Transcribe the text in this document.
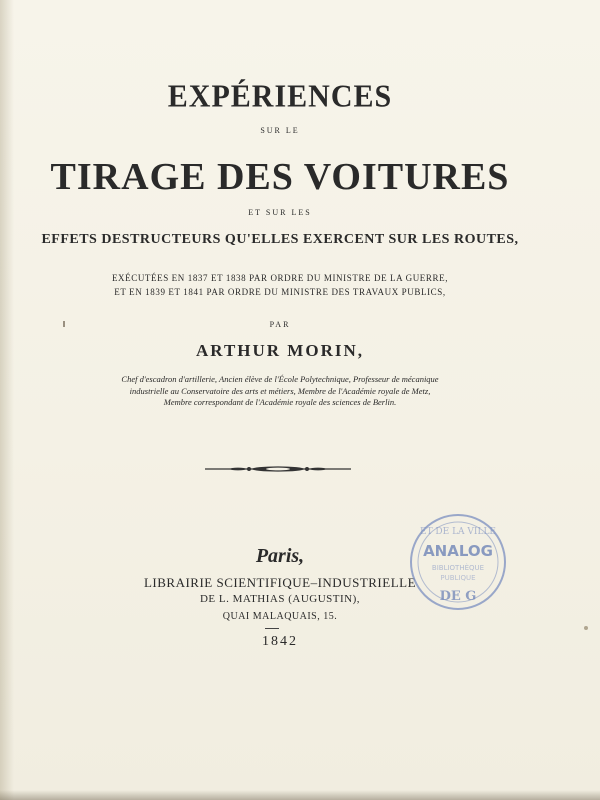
EXPÉRIENCES
SUR LE
TIRAGE DES VOITURES
ET SUR LES
EFFETS DESTRUCTEURS QU'ELLES EXERCENT SUR LES ROUTES,
EXÉCUTÉES EN 1837 ET 1838 PAR ORDRE DU MINISTRE DE LA GUERRE,
ET EN 1839 ET 1841 PAR ORDRE DU MINISTRE DES TRAVAUX PUBLICS,
PAR
ARTHUR MORIN,
Chef d'escadron d'artillerie, Ancien élève de l'École Polytechnique, Professeur de mécanique
industrielle au Conservatoire des arts et métiers, Membre de l'Académie royale de Metz,
Membre correspondant de l'Académie royale des sciences de Berlin.
Paris,
LIBRAIRIE SCIENTIFIQUE–INDUSTRIELLE
DE L. MATHIAS (AUGUSTIN),
QUAI MALAQUAIS, 15.
1842
ET DE LA VILLE
ANALOG
BIBLIOTHÈQUE
PUBLIQUE
DE G
